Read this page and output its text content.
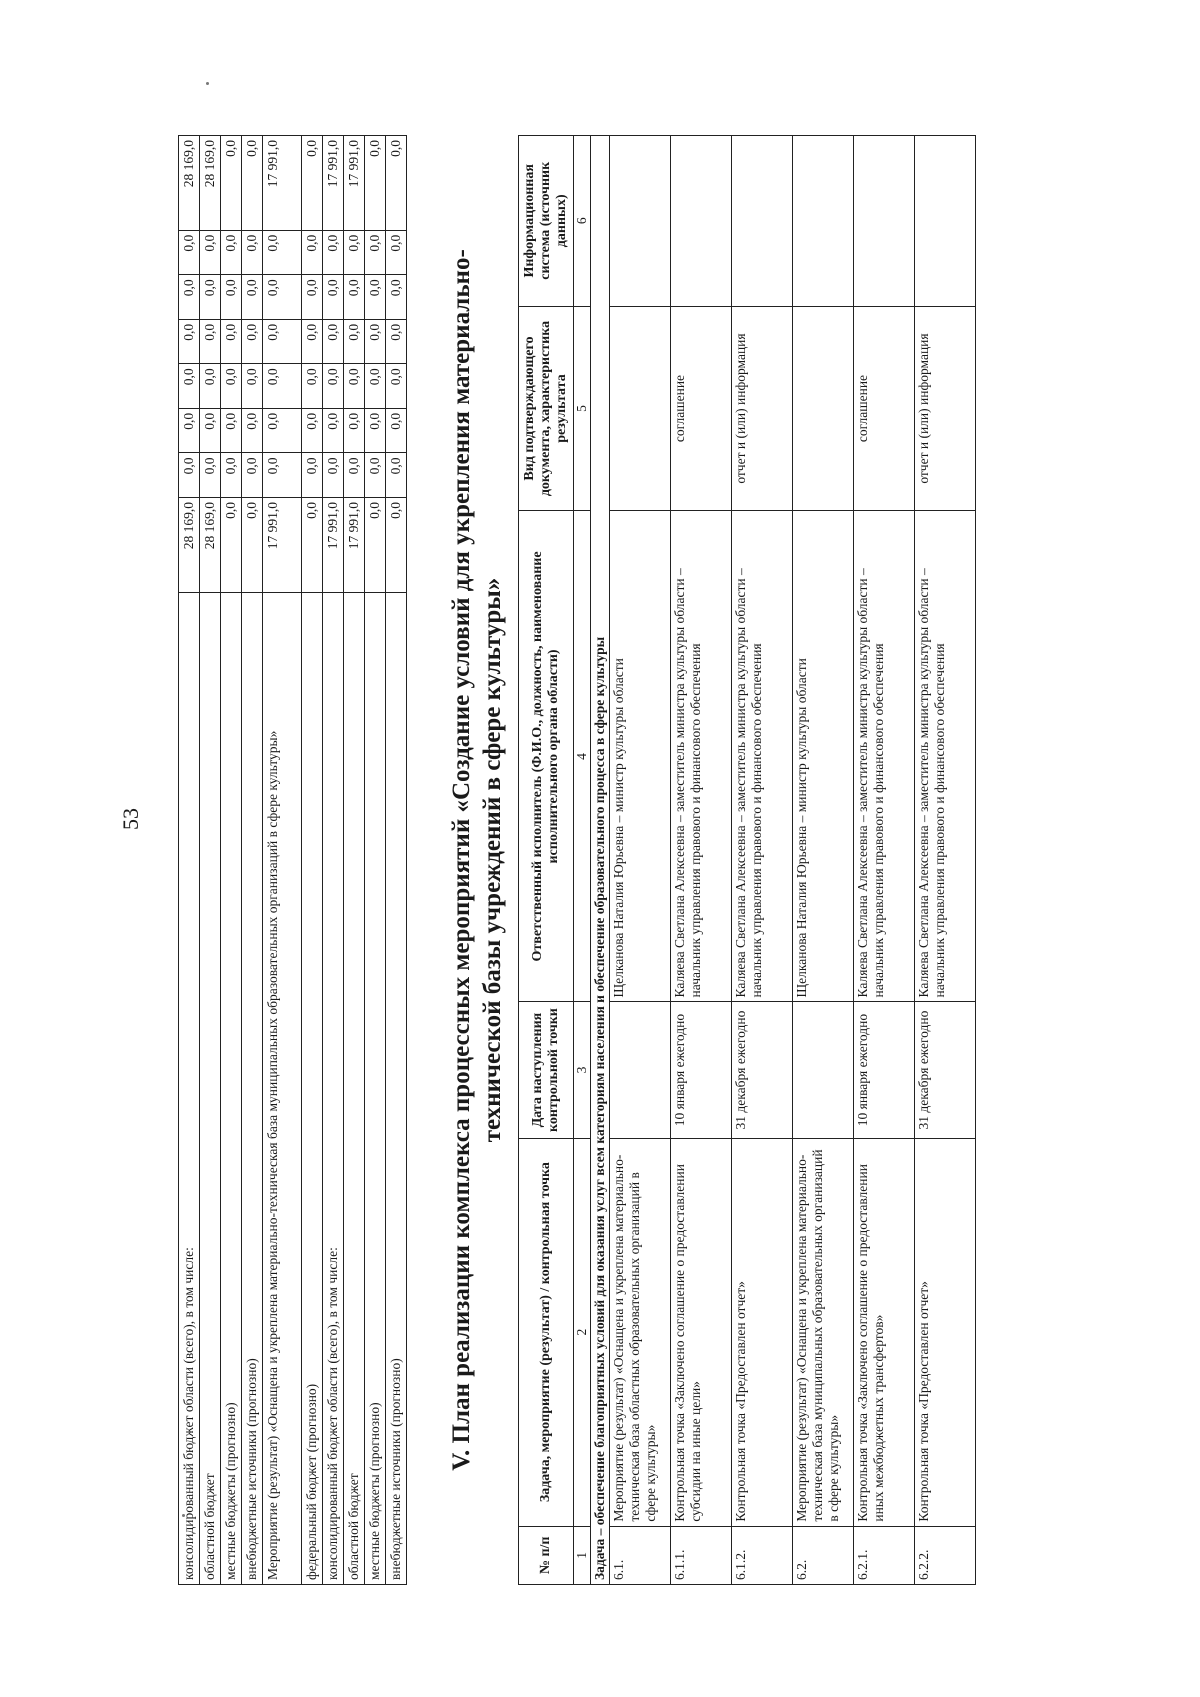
53
консолидированный бюджет области (всего), в том числе:	28 169,0	0,0	0,0	0,0	0,0	0,0	0,0	28 169,0
областной бюджет	28 169,0	0,0	0,0	0,0	0,0	0,0	0,0	28 169,0
местные бюджеты (прогнозно)	0,0	0,0	0,0	0,0	0,0	0,0	0,0	0,0
внебюджетные источники (прогнозно)	0,0	0,0	0,0	0,0	0,0	0,0	0,0	0,0
Мероприятие (результат) «Оснащена и укреплена материально-техническая база муниципальных образовательных организаций в сфере культуры»	17 991,0	0,0	0,0	0,0	0,0	0,0	0,0	17 991,0
федеральный бюджет (прогнозно)	0,0	0,0	0,0	0,0	0,0	0,0	0,0	0,0
консолидированный бюджет области (всего), в том числе:	17 991,0	0,0	0,0	0,0	0,0	0,0	0,0	17 991,0
областной бюджет	17 991,0	0,0	0,0	0,0	0,0	0,0	0,0	17 991,0
местные бюджеты (прогнозно)	0,0	0,0	0,0	0,0	0,0	0,0	0,0	0,0
внебюджетные источники (прогнозно)	0,0	0,0	0,0	0,0	0,0	0,0	0,0	0,0
V. План реализации комплекса процессных мероприятий «Создание условий для укрепления материально- технической базы учреждений в сфере культуры»
№ п/п	Задача, мероприятие (результат) / контрольная точка	Дата наступления контрольной точки	Ответственный исполнитель (Ф.И.О., должность, наименование исполнительного органа области)	Вид подтверждающего документа, характеристика результата	Информационная система (источник данных)
1	2	3	4	5	6
Задача – обеспечение благоприятных условий для оказания услуг всем категориям населения и обеспечение образовательного процесса в сфере культуры					
6.1.	Мероприятие (результат) «Оснащена и укреплена материально-техническая база областных образовательных организаций в сфере культуры»		Щелканова Наталия Юрьевна – министр культуры области		
6.1.1.	Контрольная точка «Заключено соглашение о предоставлении субсидии на иные цели»	10 января ежегодно	Каляева Светлана Алексеевна – заместитель министра культуры области – начальник управления правового и финансового обеспечения	соглашение	
6.1.2.	Контрольная точка «Предоставлен отчет»	31 декабря ежегодно	Каляева Светлана Алексеевна – заместитель министра культуры области – начальник управления правового и финансового обеспечения	отчет и (или) информация	
6.2.	Мероприятие (результат) «Оснащена и укреплена материально-техническая база муниципальных образовательных организаций в сфере культуры»		Щелканова Наталия Юрьевна – министр культуры области		
6.2.1.	Контрольная точка «Заключено соглашение о предоставлении иных межбюджетных трансфертов»	10 января ежегодно	Каляева Светлана Алексеевна – заместитель министра культуры области – начальник управления правового и финансового обеспечения	соглашение	
6.2.2.	Контрольная точка «Предоставлен отчет»	31 декабря ежегодно	Каляева Светлана Алексеевна – заместитель министра культуры области – начальник управления правового и финансового обеспечения	отчет и (или) информация	
